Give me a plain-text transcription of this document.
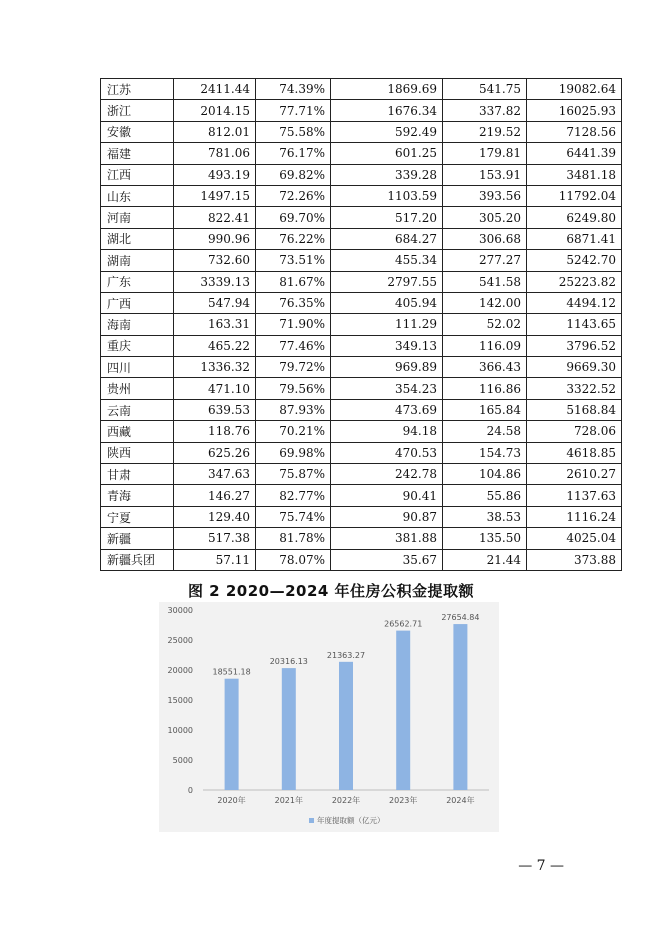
江苏	2411.44	74.39%	1869.69	541.75	19082.64
浙江	2014.15	77.71%	1676.34	337.82	16025.93
安徽	812.01	75.58%	592.49	219.52	7128.56
福建	781.06	76.17%	601.25	179.81	6441.39
江西	493.19	69.82%	339.28	153.91	3481.18
山东	1497.15	72.26%	1103.59	393.56	11792.04
河南	822.41	69.70%	517.20	305.20	6249.80
湖北	990.96	76.22%	684.27	306.68	6871.41
湖南	732.60	73.51%	455.34	277.27	5242.70
广东	3339.13	81.67%	2797.55	541.58	25223.82
广西	547.94	76.35%	405.94	142.00	4494.12
海南	163.31	71.90%	111.29	52.02	1143.65
重庆	465.22	77.46%	349.13	116.09	3796.52
四川	1336.32	79.72%	969.89	366.43	9669.30
贵州	471.10	79.56%	354.23	116.86	3322.52
云南	639.53	87.93%	473.69	165.84	5168.84
西藏	118.76	70.21%	94.18	24.58	728.06
陕西	625.26	69.98%	470.53	154.73	4618.85
甘肃	347.63	75.87%	242.78	104.86	2610.27
青海	146.27	82.77%	90.41	55.86	1137.63
宁夏	129.40	75.74%	90.87	38.53	1116.24
新疆	517.38	81.78%	381.88	135.50	4025.04
新疆兵团	57.11	78.07%	35.67	21.44	373.88
图 2 2020—2024 年住房公积金提取额
0
5000
10000
15000
20000
25000
30000
18551.18
2020年
20316.13
2021年
21363.27
2022年
26562.71
2023年
27654.84
2024年
年度提取额（亿元）
— 7 —
